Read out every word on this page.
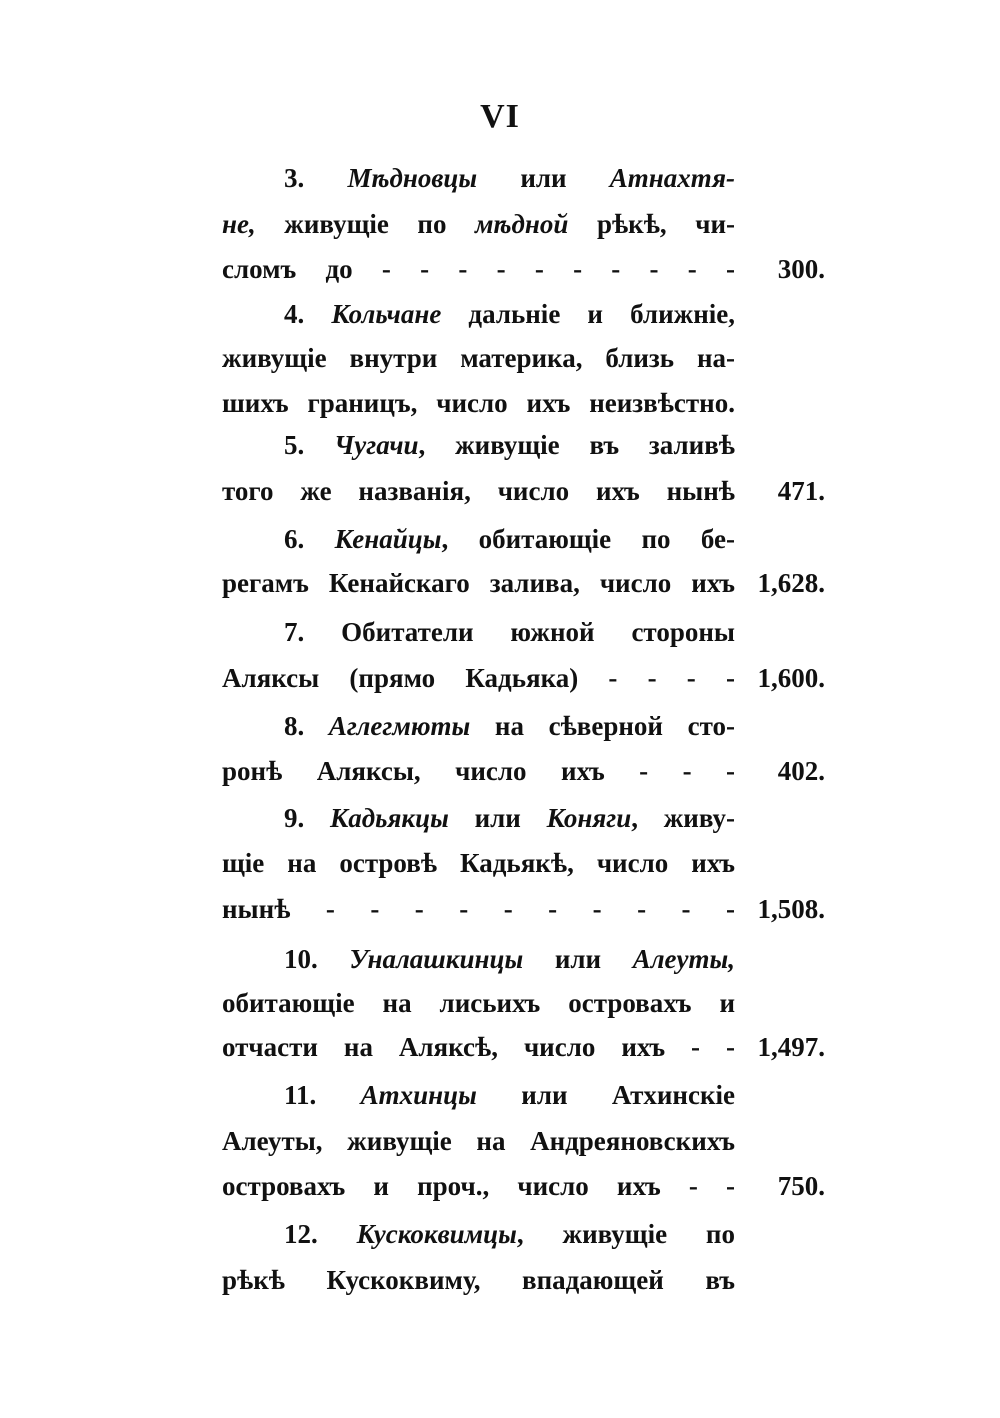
VI
3. Мѣдновцы или Атнахтя-
не, живущіе по мѣдной рѣкѣ, чи-
сломъ до - - - - - - - - - -	300.
4. Кольчане дальніе и ближніе,
живущіе внутри материка, близь на-
шихъ границъ, число ихъ неизвѣстно.
5. Чугачи, живущіе въ заливѣ
того же названія, число ихъ нынѣ	471.
6. Кенайцы, обитающіе по бе-
регамъ Кенайскаго залива, число ихъ 1,628.
7. Обитатели южной стороны
Аляксы (прямо Кадьяка) - - - - 1,600.
8. Аглегмюты на сѣверной сто-
ронѣ Аляксы, число ихъ - - -	402.
9. Кадьякцы или Коняги, живу-
щіе на островѣ Кадьякѣ, число ихъ
нынѣ - - - - - - - - - - 1,508.
10. Уналашкинцы или Алеуты,
обитающіе на лисьихъ островахъ и
отчасти на Аляксѣ, число ихъ - - 1,497.
11. Атхинцы или Атхинскіе
Алеуты, живущіе на Андреяновскихъ
островахъ и проч., число ихъ - -	750.
12. Кускоквимцы, живущіе по
рѣкѣ Кускоквиму, впадающей въ
